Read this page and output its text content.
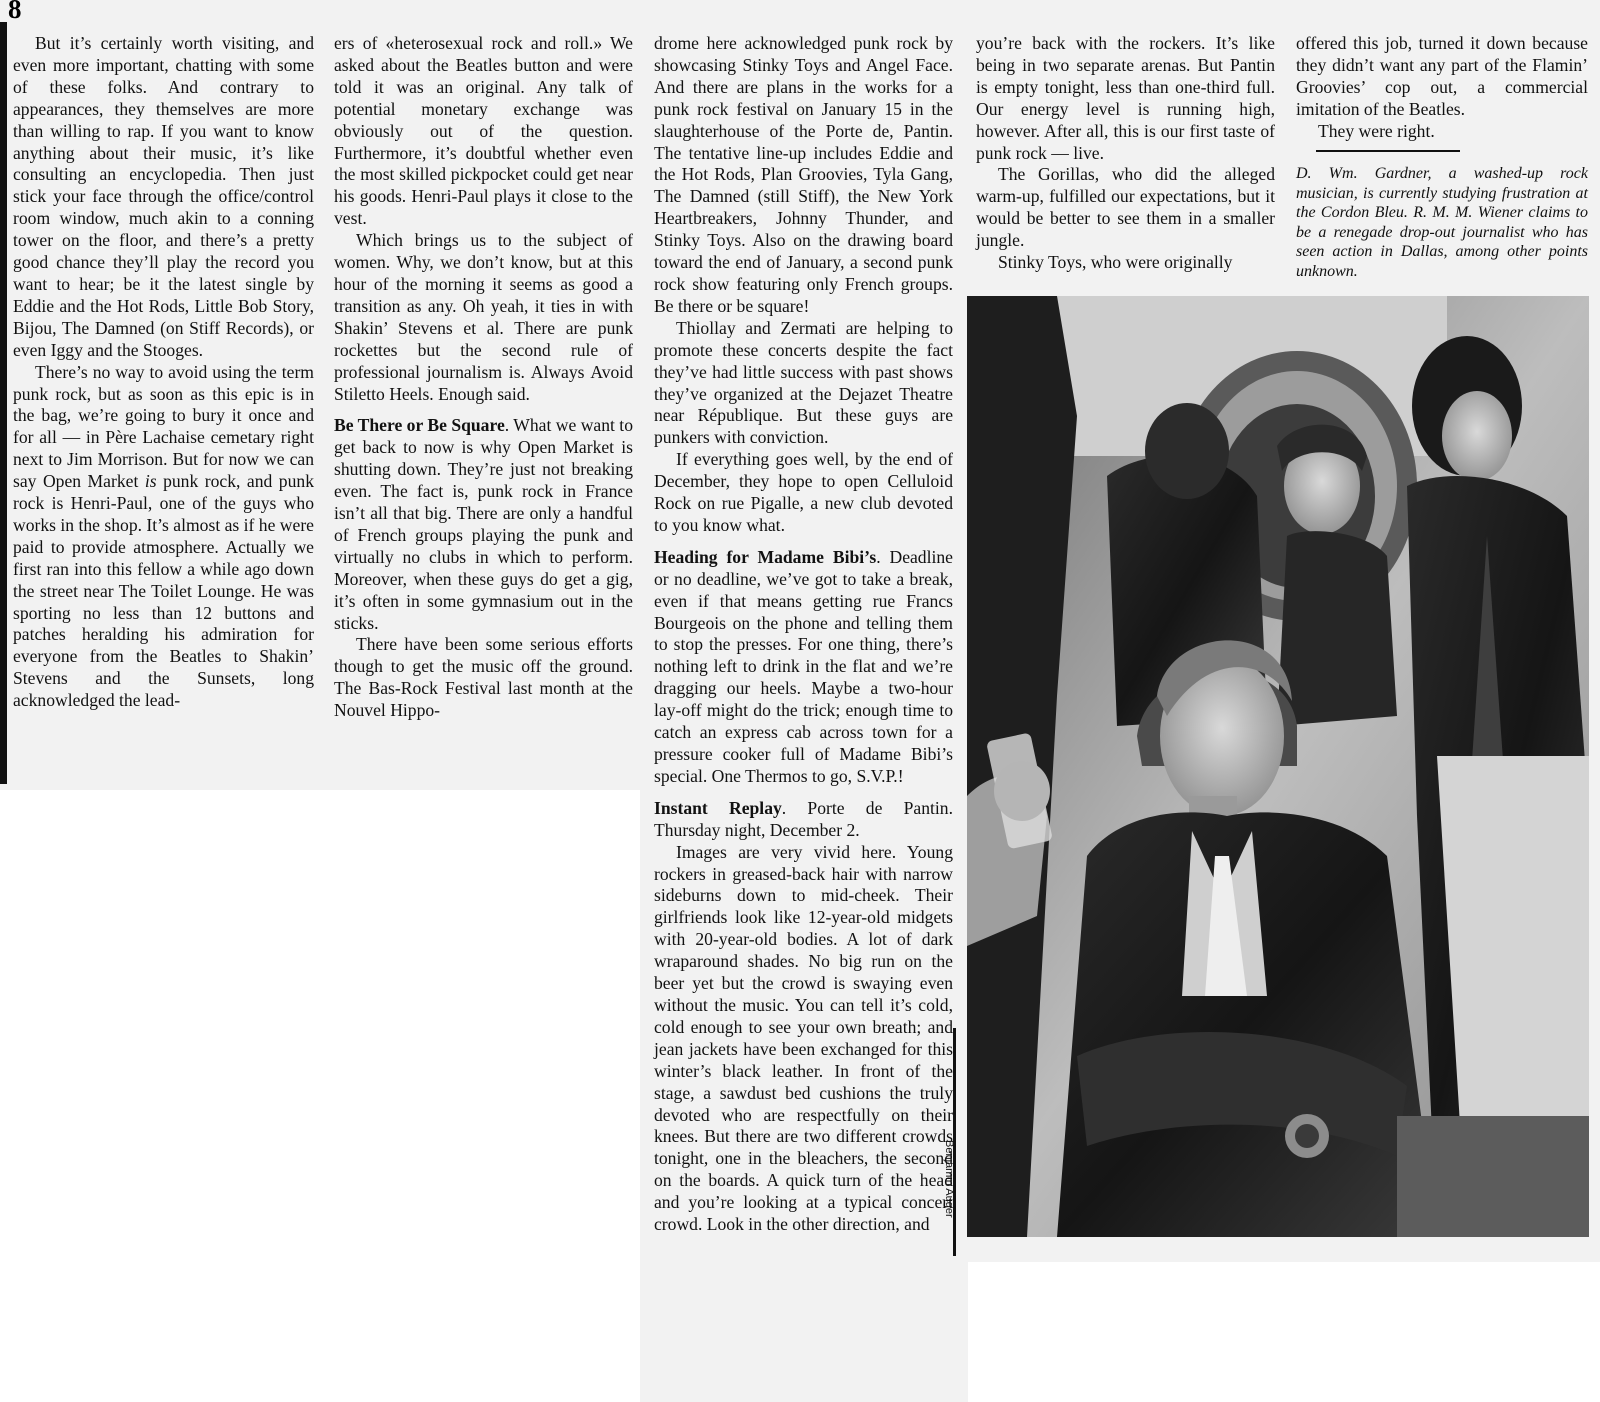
8

But it’s certainly worth visiting, and even more important, chatting with some of these folks. And contrary to appearances, they themselves are more than willing to rap. If you want to know anything about their music, it’s like consulting an encyclopedia. Then just stick your face through the office/control room window, much akin to a conning tower on the floor, and there’s a pretty good chance they’ll play the record you want to hear; be it the latest single by Eddie and the Hot Rods, Little Bob Story, Bijou, The Damned (on Stiff Records), or even Iggy and the Stooges.

There’s no way to avoid using the term punk rock, but as soon as this epic is in the bag, we’re going to bury it once and for all — in Père Lachaise cemetary right next to Jim Morrison. But for now we can say Open Market is punk rock, and punk rock is Henri-Paul, one of the guys who works in the shop. It’s almost as if he were paid to provide atmosphere. Actually we first ran into this fellow a while ago down the street near The Toilet Lounge. He was sporting no less than 12 buttons and patches heralding his admiration for everyone from the Beatles to Shakin’ Stevens and the Sunsets, long acknowledged the lead-

ers of «heterosexual rock and roll.» We asked about the Beatles button and were told it was an original. Any talk of potential monetary exchange was obviously out of the question. Furthermore, it’s doubtful whether even the most skilled pickpocket could get near his goods. Henri-Paul plays it close to the vest.

Which brings us to the subject of women. Why, we don’t know, but at this hour of the morning it seems as good a transition as any. Oh yeah, it ties in with Shakin’ Stevens et al. There are punk rockettes but the second rule of professional journalism is. Always Avoid Stiletto Heels. Enough said.

Be There or Be Square. What we want to get back to now is why Open Market is shutting down. They’re just not breaking even. The fact is, punk rock in France isn’t all that big. There are only a handful of French groups playing the punk and virtually no clubs in which to perform. Moreover, when these guys do get a gig, it’s often in some gymnasium out in the sticks.

There have been some serious efforts though to get the music off the ground. The Bas-Rock Festival last month at the Nouvel Hippo-

drome here acknowledged punk rock by showcasing Stinky Toys and Angel Face. And there are plans in the works for a punk rock festival on January 15 in the slaughterhouse of the Porte de, Pantin. The tentative line-up includes Eddie and the Hot Rods, Plan Groovies, Tyla Gang, The Damned (still Stiff), the New York Heartbreakers, Johnny Thunder, and Stinky Toys. Also on the drawing board toward the end of January, a second punk rock show featuring only French groups. Be there or be square!

Thiollay and Zermati are helping to promote these concerts despite the fact they’ve had little success with past shows they’ve organized at the Dejazet Theatre near République. But these guys are punkers with conviction.

If everything goes well, by the end of December, they hope to open Celluloid Rock on rue Pigalle, a new club devoted to you know what.

Heading for Madame Bibi’s. Deadline or no deadline, we’ve got to take a break, even if that means getting rue Francs Bourgeois on the phone and telling them to stop the presses. For one thing, there’s nothing left to drink in the flat and we’re dragging our heels. Maybe a two-hour lay-off might do the trick; enough time to catch an express cab across town for a pressure cooker full of Madame Bibi’s special. One Thermos to go, S.V.P.!

Instant Replay. Porte de Pantin. Thursday night, December 2.

Images are very vivid here. Young rockers in greased-back hair with narrow sideburns down to mid-cheek. Their girlfriends look like 12-year-old midgets with 20-year-old bodies. A lot of dark wraparound shades. No big run on the beer yet but the crowd is swaying even without the music. You can tell it’s cold, cold enough to see your own breath; and jean jackets have been exchanged for this winter’s black leather. In front of the stage, a sawdust bed cushions the truly devoted who are respectfully on their knees. But there are two different crowds tonight, one in the bleachers, the second on the boards. A quick turn of the head and you’re looking at a typical concert crowd. Look in the other direction, and

you’re back with the rockers. It’s like being in two separate arenas. But Pantin is empty tonight, less than one-third full. Our energy level is running high, however. After all, this is our first taste of punk rock — live.

The Gorillas, who did the alleged warm-up, fulfilled our expectations, but it would be better to see them in a smaller jungle.

Stinky Toys, who were originally

offered this job, turned it down because they didn’t want any part of the Flamin’ Groovies’ cop out, a commercial imitation of the Beatles.

They were right.

D. Wm. Gardner, a washed-up rock musician, is currently studying frustration at the Cordon Bleu. R. M. M. Wiener claims to be a renegade drop-out journalist who has seen action in Dallas, among other points unknown.
Benjamin Auger
